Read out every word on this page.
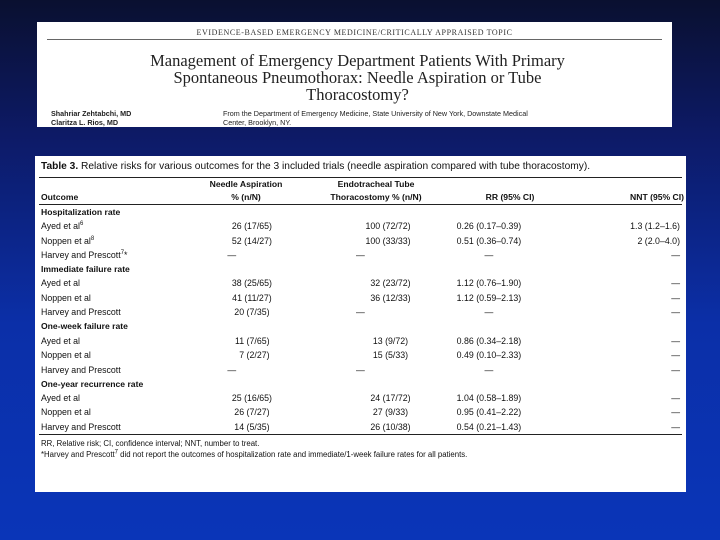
EVIDENCE-BASED EMERGENCY MEDICINE/CRITICALLY APPRAISED TOPIC
Management of Emergency Department Patients With Primary
Spontaneous Pneumothorax: Needle Aspiration or Tube
Thoracostomy?
Shahriar Zehtabchi, MD
Claritza L. Rios, MD
From the Department of Emergency Medicine, State University of New York, Downstate Medical
Center, Brooklyn, NY.
Table 3. Relative risks for various outcomes for the 3 included trials (needle aspiration compared with tube thoracostomy).
	Needle Aspiration	Endotracheal Tube		
Outcome	% (n/N)	Thoracostomy % (n/N)	RR (95% CI)	NNT (95% CI)
Hospitalization rate				
Ayed et $al^6$	26 (17/65)	100 (72/72)	0.26 (0.17–0.39)	1.3 (1.2–1.6)
Noppen et $al^8$	52 (14/27)	100 (33/33)	0.51 (0.36–0.74)	2 (2.0–4.0)
Harvey and Prescott$^7$*	—	—	—	—
Immediate failure rate				
Ayed et al	38 (25/65)	32 (23/72)	1.12 (0.76–1.90)	—
Noppen et al	41 (11/27)	36 (12/33)	1.12 (0.59–2.13)	—
Harvey and Prescott	20 (7/35)	—	—	—
One-week failure rate				
Ayed et al	11 (7/65)	13 (9/72)	0.86 (0.34–2.18)	—
Noppen et al	7 (2/27)	15 (5/33)	0.49 (0.10–2.33)	—
Harvey and Prescott	—	—	—	—
One-year recurrence rate				
Ayed et al	25 (16/65)	24 (17/72)	1.04 (0.58–1.89)	—
Noppen et al	26 (7/27)	27 (9/33)	0.95 (0.41–2.22)	—
Harvey and Prescott	14 (5/35)	26 (10/38)	0.54 (0.21–1.43)	—
RR, Relative risk; CI, confidence interval; NNT, number to treat.
*Harvey and Prescott$^7$ did not report the outcomes of hospitalization rate and immediate/1-week failure rates for all patients.
